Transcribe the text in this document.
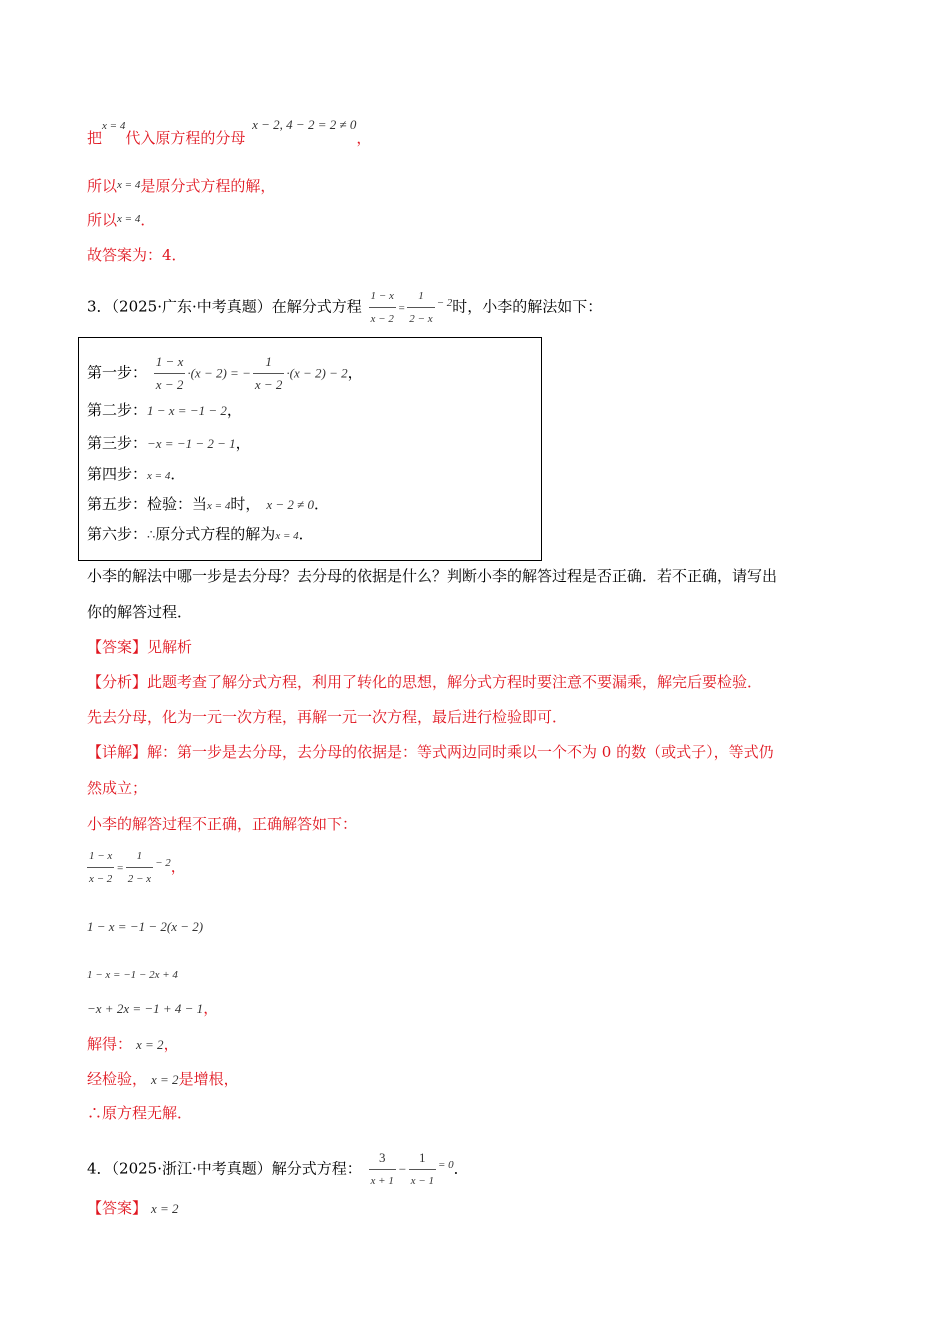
把$^{x = 4}$代入原方程的分母 x − 2, 4 − 2 = 2 ≠ 0，
所以$^{x = 4}$是原分式方程的解，
所以$^{x = 4}$．
故答案为：4．
3．（2025·广东·中考真题）在解分式方程 $\frac{1 - x}{x - 2} = \frac{1}{2 - x} ^{- 2}$时，小李的解法如下：
第一步： $\frac{1 - x}{x - 2} \cdot(x - 2)$ = − $\frac{1}{x - 2} \cdot(x - 2) - 2$，
第二步：1 − x = −1 − 2，
第三步：−x = −1 − 2 − 1，
第四步：x = 4．
第五步：检验：当x = 4时， x − 2 ≠ 0．
第六步：∴原分式方程的解为x = 4．
小李的解法中哪一步是去分母？去分母的依据是什么？判断小李的解答过程是否正确．若不正确，请写出
你的解答过程．
【答案】见解析
【分析】此题考查了解分式方程，利用了转化的思想，解分式方程时要注意不要漏乘，解完后要检验．
先去分母，化为一元一次方程，再解一元一次方程，最后进行检验即可．
【详解】解：第一步是去分母，去分母的依据是：等式两边同时乘以一个不为 0 的数（或式子），等式仍
然成立；
小李的解答过程不正确，正确解答如下：
$\frac{1 - x}{x - 2} = \frac{1}{2 - x} ^{- 2}$，
1 − x = −1 − 2(x − 2)
1 − x = −1 − 2x + 4
−x + 2x = −1 + 4 − 1，
解得： x = 2，
经检验， x = 2是增根，
∴原方程无解．
4．（2025·浙江·中考真题）解分式方程： $\frac{3}{x + 1} - \frac{1}{x - 1} ^{= 0}$．
【答案】 x = 2
